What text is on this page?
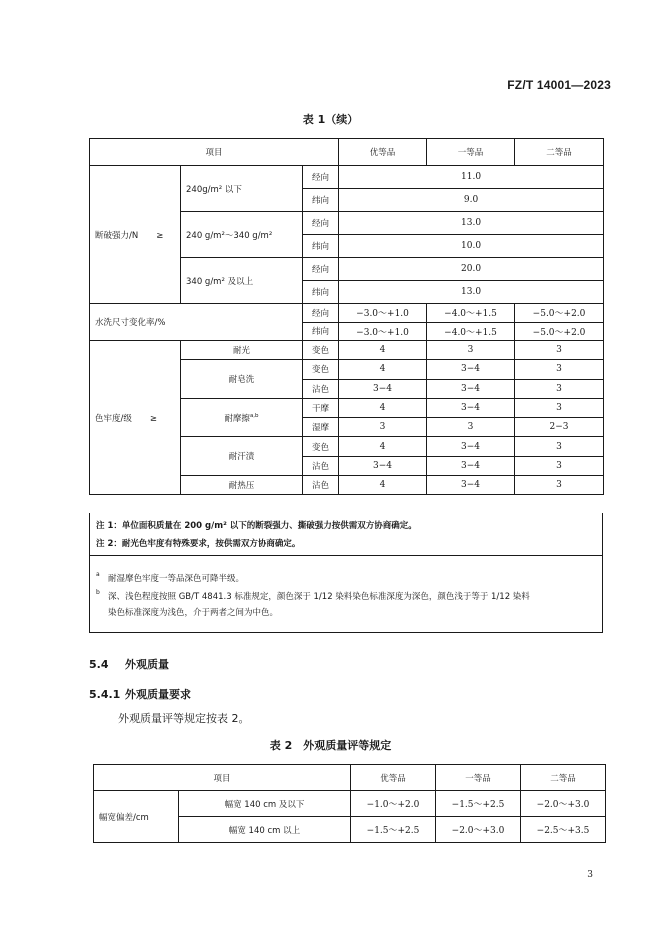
FZ/T 14001—2023
表 1（续）
项目			优等品	一等品	二等品
断破强力/N ≥	240g/m² 以下	经向	11.0		
		纬向	9.0		
	240 g/m²～340 g/m²	经向	13.0		
		纬向	10.0		
	340 g/m² 及以上	经向	20.0		
		纬向	13.0		
水洗尺寸变化率/%		经向	−3.0～+1.0	−4.0～+1.5	−5.0～+2.0
		纬向	−3.0～+1.0	−4.0～+1.5	−5.0～+2.0
色牢度/级 ≥	耐光	变色	4	3	3
	耐皂洗	变色	4	3−4	3
		沾色	3−4	3−4	3
	耐摩擦$^{a,b}$	干摩	4	3−4	3
		湿摩	3	3	2−3
	耐汗渍	变色	4	3−4	3
		沾色	3−4	3−4	3
	耐热压	沾色	4	3−4	3
注 1：单位面积质量在 200 g/m² 以下的断裂强力、撕破强力按供需双方协商确定。
注 2：耐光色牢度有特殊要求，按供需双方协商确定。
a 耐湿摩色牢度一等品深色可降半级。
b 深、浅色程度按照 GB/T 4841.3 标准规定，颜色深于 1/12 染料染色标准深度为深色，颜色浅于等于 1/12 染料
染色标准深度为浅色，介于两者之间为中色。
5.4 外观质量
5.4.1 外观质量要求
外观质量评等规定按表 2。
表 2　外观质量评等规定
项目		优等品	一等品	二等品
幅宽偏差/cm	幅宽 140 cm 及以下	−1.0～+2.0	−1.5～+2.5	−2.0～+3.0
	幅宽 140 cm 以上	−1.5～+2.5	−2.0～+3.0	−2.5～+3.5
3
